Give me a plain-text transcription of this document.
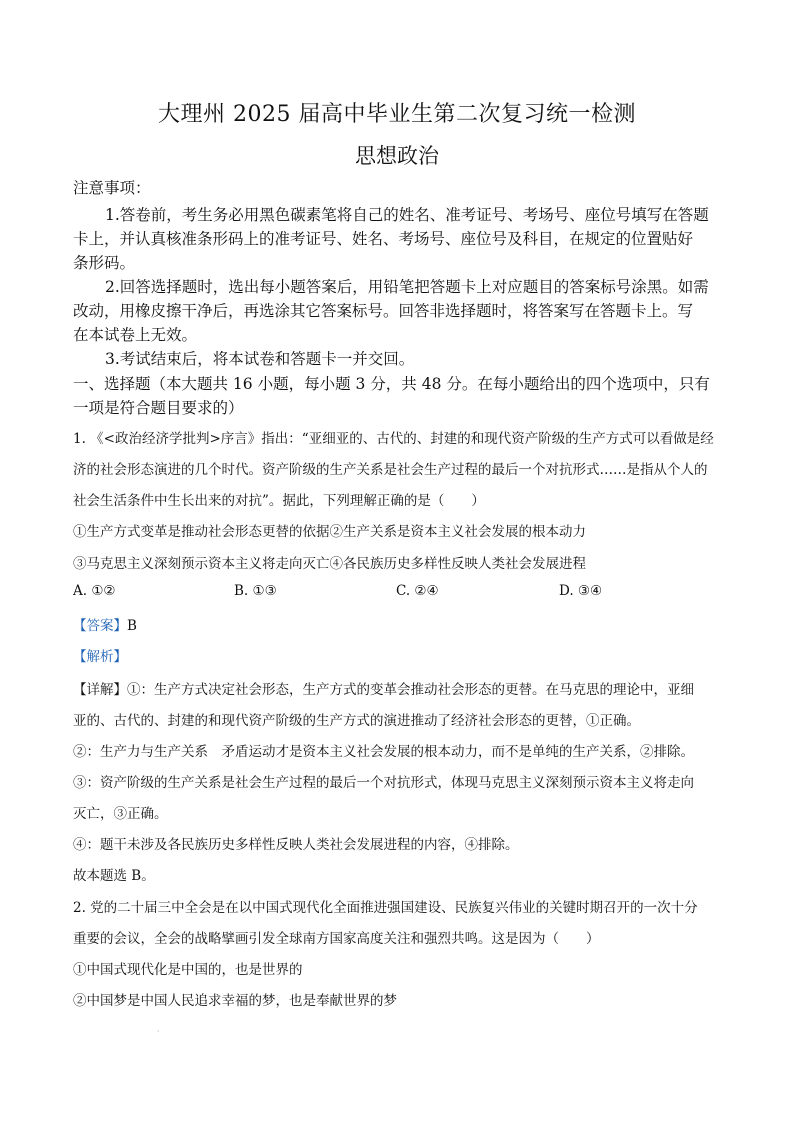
大理州 2025 届高中毕业生第二次复习统一检测
思想政治
注意事项：
1.答卷前，考生务必用黑色碳素笔将自己的姓名、准考证号、考场号、座位号填写在答题
卡上，并认真核准条形码上的准考证号、姓名、考场号、座位号及科目，在规定的位置贴好
条形码。
2.回答选择题时，选出每小题答案后，用铅笔把答题卡上对应题目的答案标号涂黑。如需
改动，用橡皮擦干净后，再选涂其它答案标号。回答非选择题时，将答案写在答题卡上。写
在本试卷上无效。
3.考试结束后，将本试卷和答题卡一并交回。
一、选择题（本大题共 16 小题，每小题 3 分，共 48 分。在每小题给出的四个选项中，只有
一项是符合题目要求的）
1. 《<政治经济学批判>序言》指出：“亚细亚的、古代的、封建的和现代资产阶级的生产方式可以看做是经
济的社会形态演进的几个时代。资产阶级的生产关系是社会生产过程的最后一个对抗形式……是指从个人的
社会生活条件中生长出来的对抗”。据此，下列理解正确的是（　　）
①生产方式变革是推动社会形态更替的依据②生产关系是资本主义社会发展的根本动力
③马克思主义深刻预示资本主义将走向灭亡④各民族历史多样性反映人类社会发展进程
A. ①②	B. ①③	C. ②④	D. ③④
【答案】B
【解析】
【详解】①：生产方式决定社会形态，生产方式的变革会推动社会形态的更替。在马克思的理论中，亚细
亚的、古代的、封建的和现代资产阶级的生产方式的演进推动了经济社会形态的更替，①正确。
②：生产力与生产关系　矛盾运动才是资本主义社会发展的根本动力，而不是单纯的生产关系，②排除。
③：资产阶级的生产关系是社会生产过程的最后一个对抗形式，体现马克思主义深刻预示资本主义将走向
灭亡，③正确。
④：题干未涉及各民族历史多样性反映人类社会发展进程的内容，④排除。
故本题选 B。
2. 党的二十届三中全会是在以中国式现代化全面推进强国建设、民族复兴伟业的关键时期召开的一次十分
重要的会议，全会的战略擘画引发全球南方国家高度关注和强烈共鸣。这是因为（　　）
①中国式现代化是中国的，也是世界的
②中国梦是中国人民追求幸福的梦，也是奉献世界的梦
·
